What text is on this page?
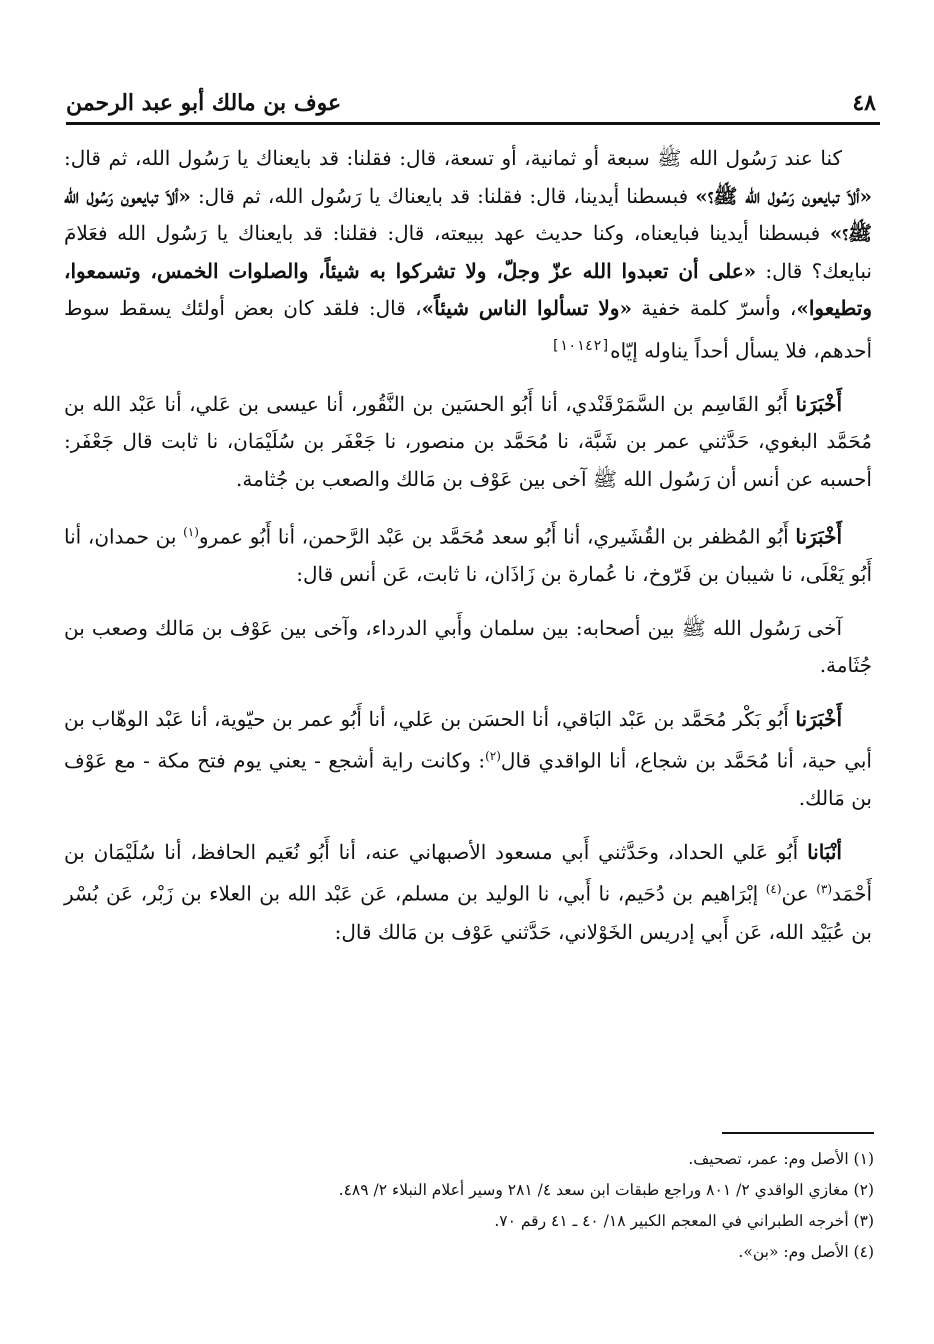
عوف بن مالك أبو عبد الرحمن	٤٨

كنا عند رَسُول الله ﷺ سبعة أو ثمانية، أو تسعة، قال: فقلنا: قد بايعناك يا رَسُول الله، ثم قال: «ألاَ تبايعون رَسُول الله ﷺ؟» فبسطنا أيدينا، قال: فقلنا: قد بايعناك يا رَسُول الله، ثم قال: «ألاَ تبايعون رَسُول الله ﷺ؟» فبسطنا أيدينا فبايعناه، وكنا حديث عهد ببيعته، قال: فقلنا: قد بايعناك يا رَسُول الله فعَلامَ نبايعك؟ قال: «على أن تعبدوا الله عزّ وجلّ، ولا تشركوا به شيئاً، والصلوات الخمس، وتسمعوا، وتطيعوا»، وأسرّ كلمة خفية «ولا تسألوا الناس شيئاً»، قال: فلقد كان بعض أولئك يسقط سوط أحدهم، فلا يسأل أحداً يناوله إيّاه[١٠١٤٢]

أَخْبَرَنا أَبُو القَاسِم بن السَّمَرْقَنْدي، أنا أَبُو الحسَين بن النَّقُور، أنا عيسى بن عَلي، أنا عَبْد الله بن مُحَمَّد البغوي، حَدَّثني عمر بن شَبَّة، نا مُحَمَّد بن منصور، نا جَعْفَر بن سُلَيْمَان، نا ثابت قال جَعْفَر: أحسبه عن أنس أن رَسُول الله ﷺ آخى بين عَوْف بن مَالك والصعب بن جُثامة.

أَخْبَرَنا أَبُو المُظفر بن القُشَيري، أنا أَبُو سعد مُحَمَّد بن عَبْد الرَّحمن، أنا أَبُو عمرو$^{(١)}$ بن حمدان، أنا أَبُو يَعْلَى، نا شيبان بن فَرّوخ، نا عُمارة بن زَاذَان، نا ثابت، عَن أنس قال:

آخى رَسُول الله ﷺ بين أصحابه: بين سلمان وأَبي الدرداء، وآخى بين عَوْف بن مَالك وصعب بن جُثَامة.

أَخْبَرَنا أَبُو بَكْر مُحَمَّد بن عَبْد البَاقي، أنا الحسَن بن عَلي، أنا أَبُو عمر بن حيّوية، أنا عَبْد الوهّاب بن أبي حية، أنا مُحَمَّد بن شجاع، أنا الواقدي قال$^{(٢)}$: وكانت راية أشجع - يعني يوم فتح مكة - مع عَوْف بن مَالك.

أنْبَانا أَبُو عَلي الحداد، وحَدَّثني أَبي مسعود الأصبهاني عنه، أنا أَبُو نُعَيم الحافظ، أنا سُلَيْمَان بن أَحْمَد$^{(٣)}$ عن$^{(٤)}$ إبْرَاهيم بن دُحَيم، نا أَبي، نا الوليد بن مسلم، عَن عَبْد الله بن العلاء بن زَبْر، عَن بُسْر بن عُبَيْد الله، عَن أَبي إدريس الخَوْلاني، حَدَّثني عَوْف بن مَالك قال:

(١) الأصل وم: عمر، تصحيف.
(٢) مغازي الواقدي ٢/ ٨٠١ وراجع طبقات ابن سعد ٤/ ٢٨١ وسير أعلام النبلاء ٢/ ٤٨٩.
(٣) أخرجه الطبراني في المعجم الكبير ١٨/ ٤٠ ـ ٤١ رقم ٧٠.
(٤) الأصل وم: «بن».
